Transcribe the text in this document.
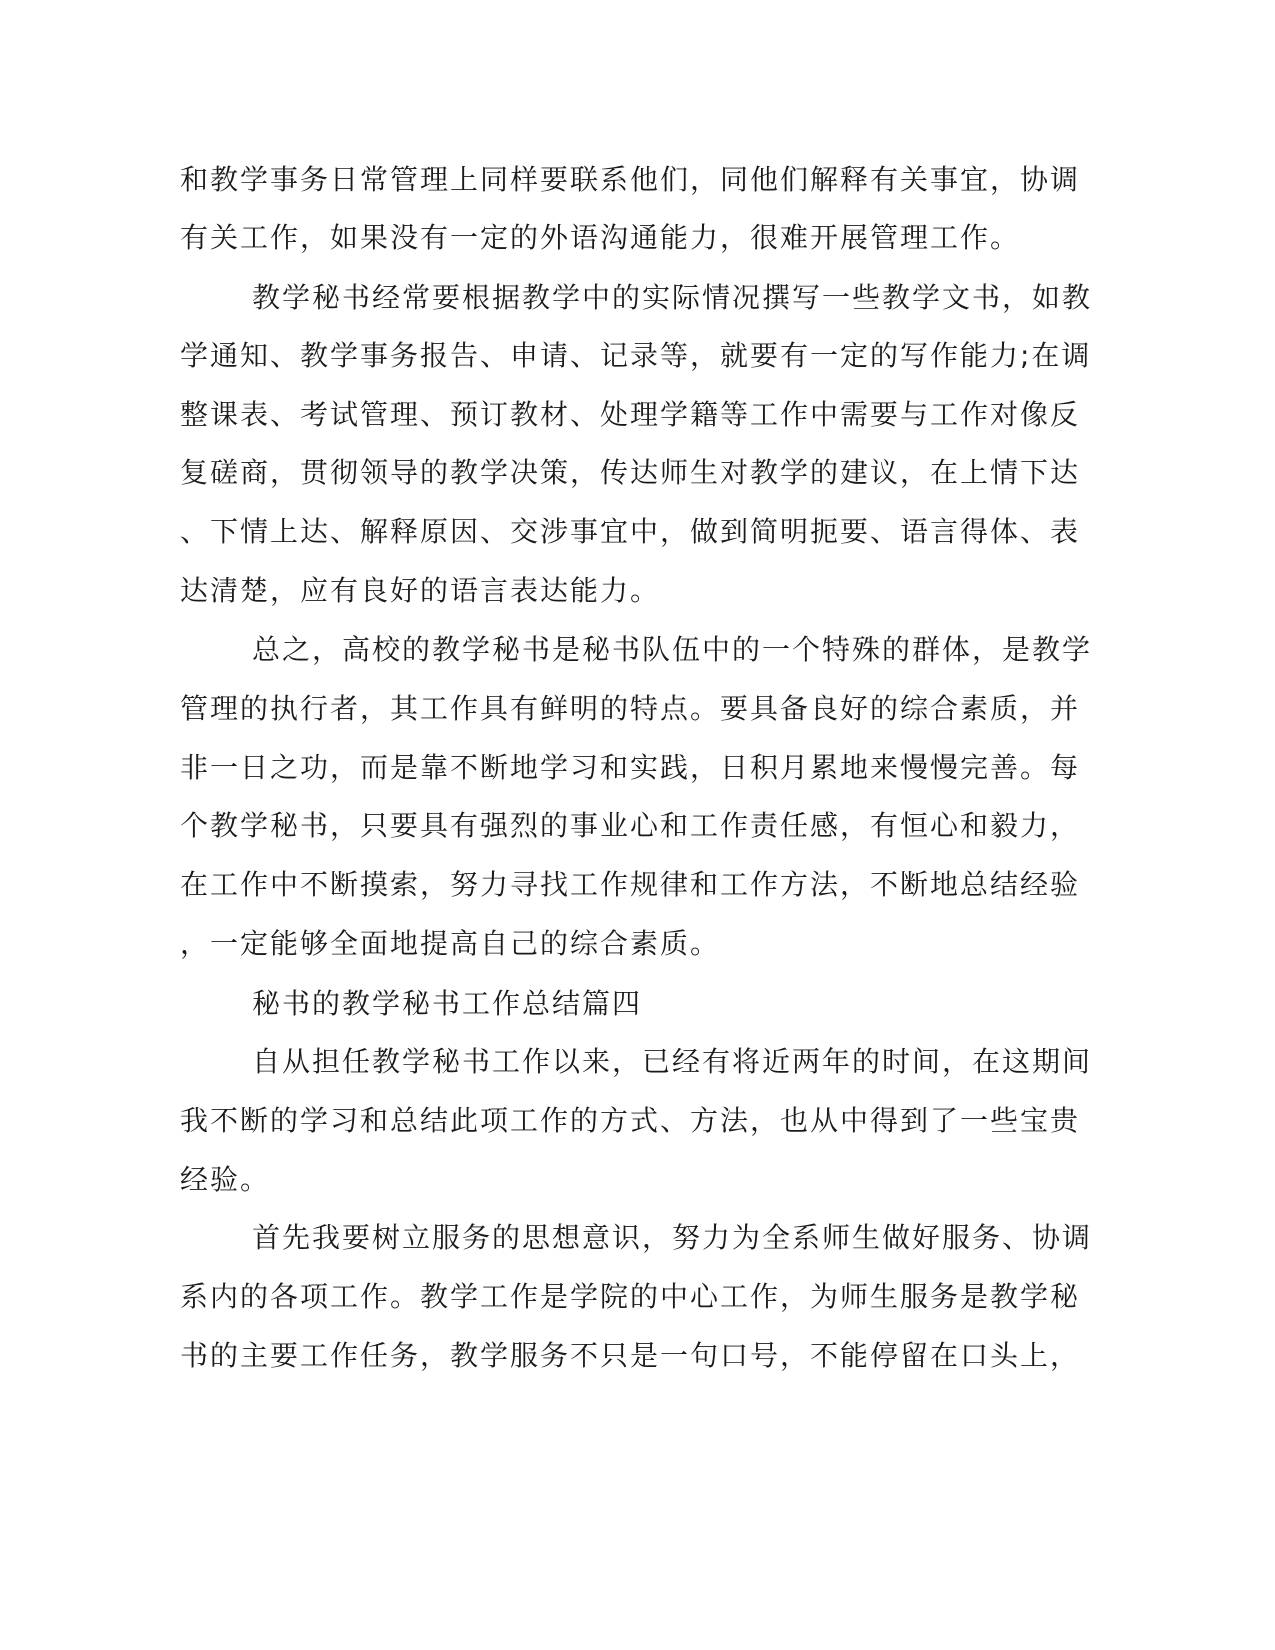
和教学事务日常管理上同样要联系他们，同他们解释有关事宜，协调
有关工作，如果没有一定的外语沟通能力，很难开展管理工作。
教学秘书经常要根据教学中的实际情况撰写一些教学文书，如教
学通知、教学事务报告、申请、记录等，就要有一定的写作能力;在调
整课表、考试管理、预订教材、处理学籍等工作中需要与工作对像反
复磋商，贯彻领导的教学决策，传达师生对教学的建议，在上情下达
、下情上达、解释原因、交涉事宜中，做到简明扼要、语言得体、表
达清楚，应有良好的语言表达能力。
总之，高校的教学秘书是秘书队伍中的一个特殊的群体，是教学
管理的执行者，其工作具有鲜明的特点。要具备良好的综合素质，并
非一日之功，而是靠不断地学习和实践，日积月累地来慢慢完善。每
个教学秘书，只要具有强烈的事业心和工作责任感，有恒心和毅力，
在工作中不断摸索，努力寻找工作规律和工作方法，不断地总结经验
，一定能够全面地提高自己的综合素质。
秘书的教学秘书工作总结篇四
自从担任教学秘书工作以来，已经有将近两年的时间，在这期间
我不断的学习和总结此项工作的方式、方法，也从中得到了一些宝贵
经验。
首先我要树立服务的思想意识，努力为全系师生做好服务、协调
系内的各项工作。教学工作是学院的中心工作，为师生服务是教学秘
书的主要工作任务，教学服务不只是一句口号，不能停留在口头上，
